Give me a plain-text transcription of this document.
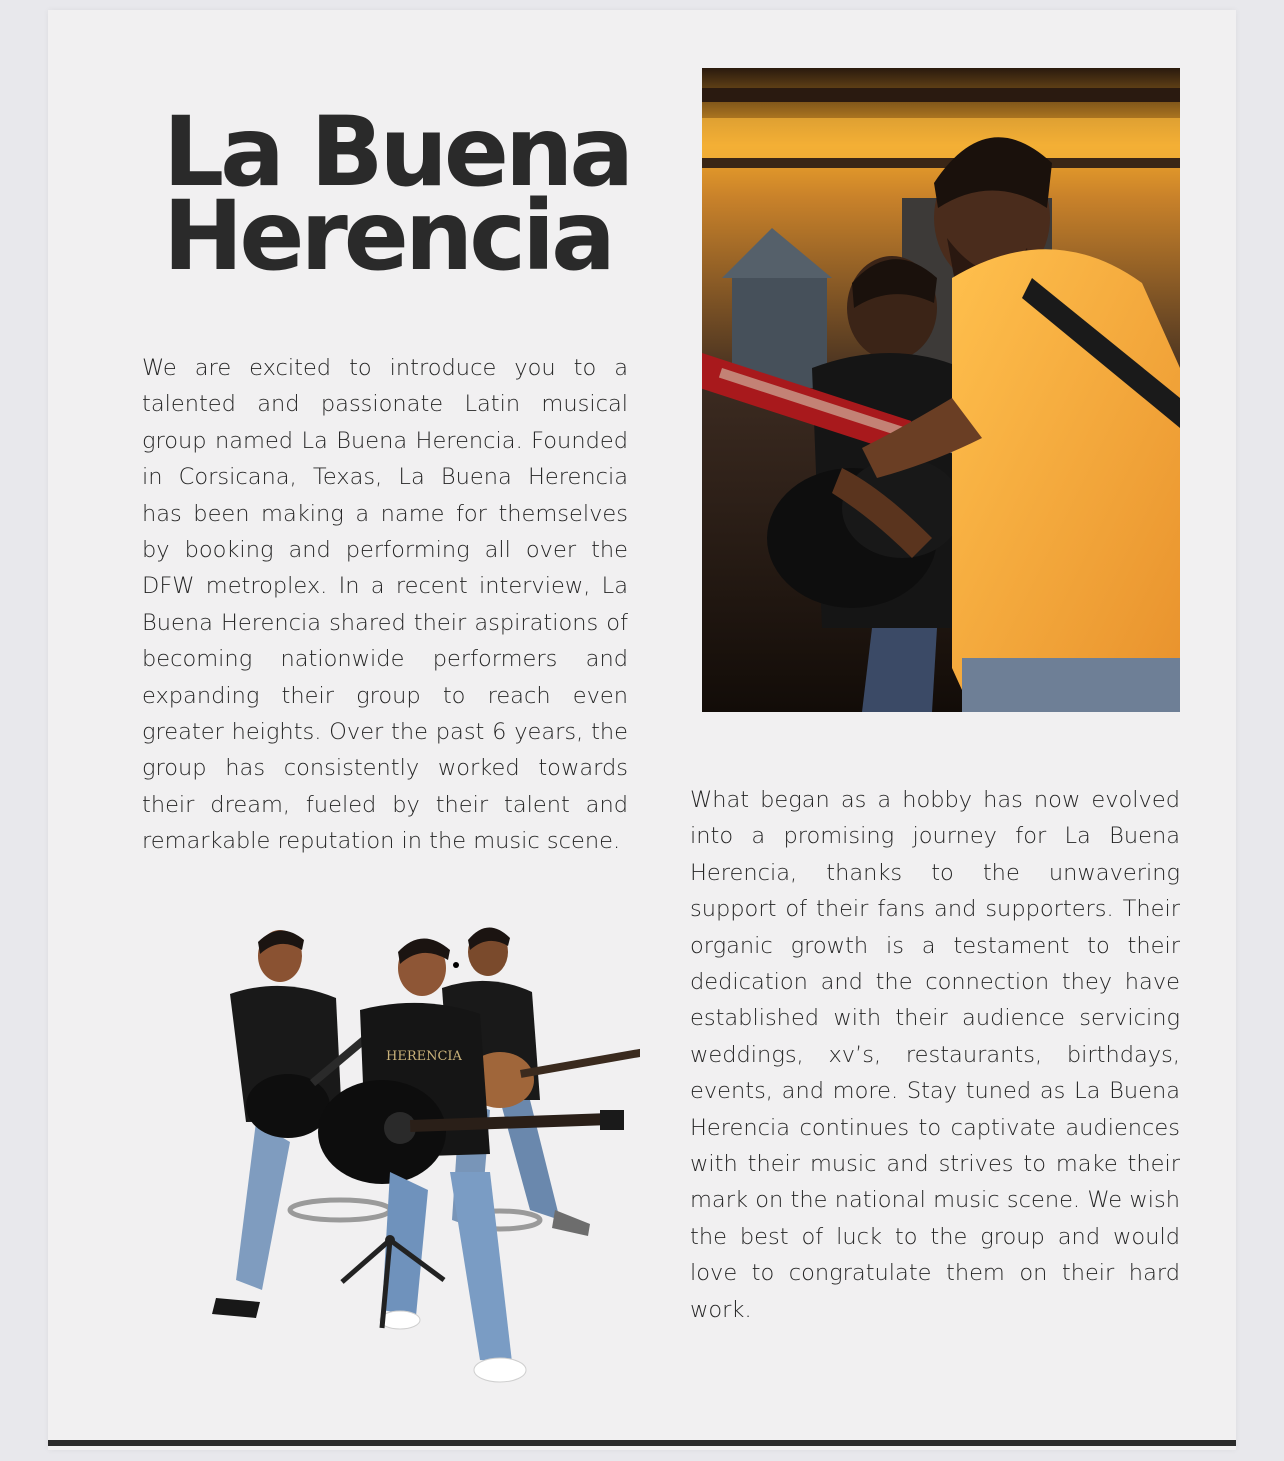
La Buena
Herencia

We are excited to introduce you to a talented and passionate Latin musical group named La Buena Herencia. Founded in Corsicana, Texas, La Buena Herencia has been making a name for themselves by booking and performing all over the DFW metroplex. In a recent interview, La Buena Herencia shared their aspirations of becoming nationwide performers and expanding their group to reach even greater heights. Over the past 6 years, the group has consistently worked towards their dream, fueled by their talent and remarkable reputation in the music scene.

What began as a hobby has now evolved into a promising journey for La Buena Herencia, thanks to the unwavering support of their fans and supporters. Their organic growth is a testament to their dedication and the connection they have established with their audience servicing weddings, xv’s, restaurants, birthdays, events, and more. Stay tuned as La Buena Herencia continues to captivate audiences with their music and strives to make their mark on the national music scene. We wish the best of luck to the group and would love to congratulate them on their hard work.

HERENCIA
